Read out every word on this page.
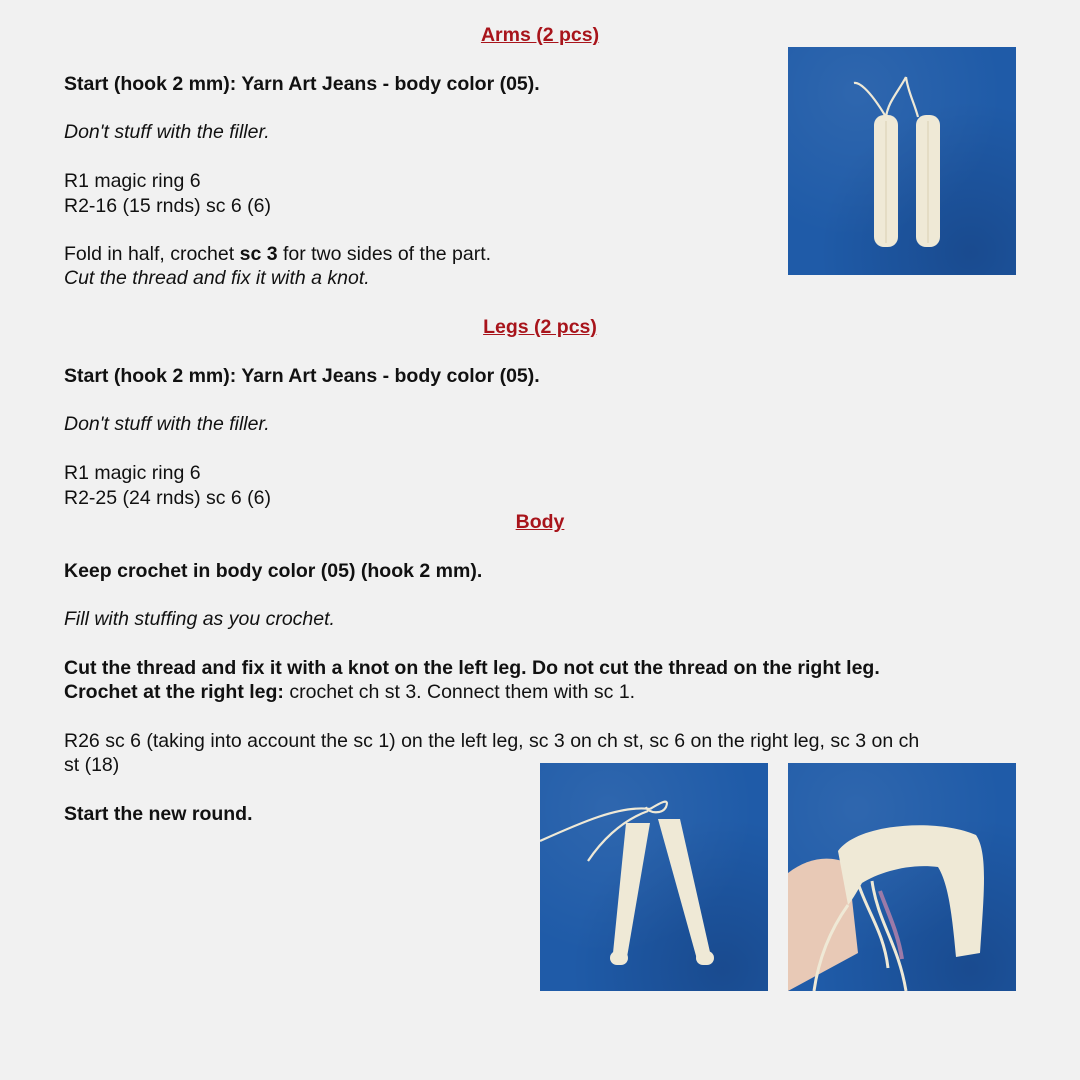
Arms (2 pcs)
Start (hook 2 mm): Yarn Art Jeans - body color (05).
Don't stuff with the filler.
R1 magic ring 6
R2-16 (15 rnds) sc 6 (6)
Fold in half, crochet sc 3 for two sides of the part.
Cut the thread and fix it with a knot.
Legs (2 pcs)
Start (hook 2 mm): Yarn Art Jeans - body color (05).
Don't stuff with the filler.
R1 magic ring 6
R2-25 (24 rnds) sc 6 (6)
Body
Keep crochet in body color (05) (hook 2 mm).
Fill with stuffing as you crochet.
Cut the thread and fix it with a knot on the left leg. Do not cut the thread on the right leg.
Crochet at the right leg: crochet ch st 3. Connect them with sc 1.
R26 sc 6 (taking into account the sc 1) on the left leg, sc 3 on ch st, sc 6 on the right leg, sc 3 on ch
st (18)
Start the new round.
